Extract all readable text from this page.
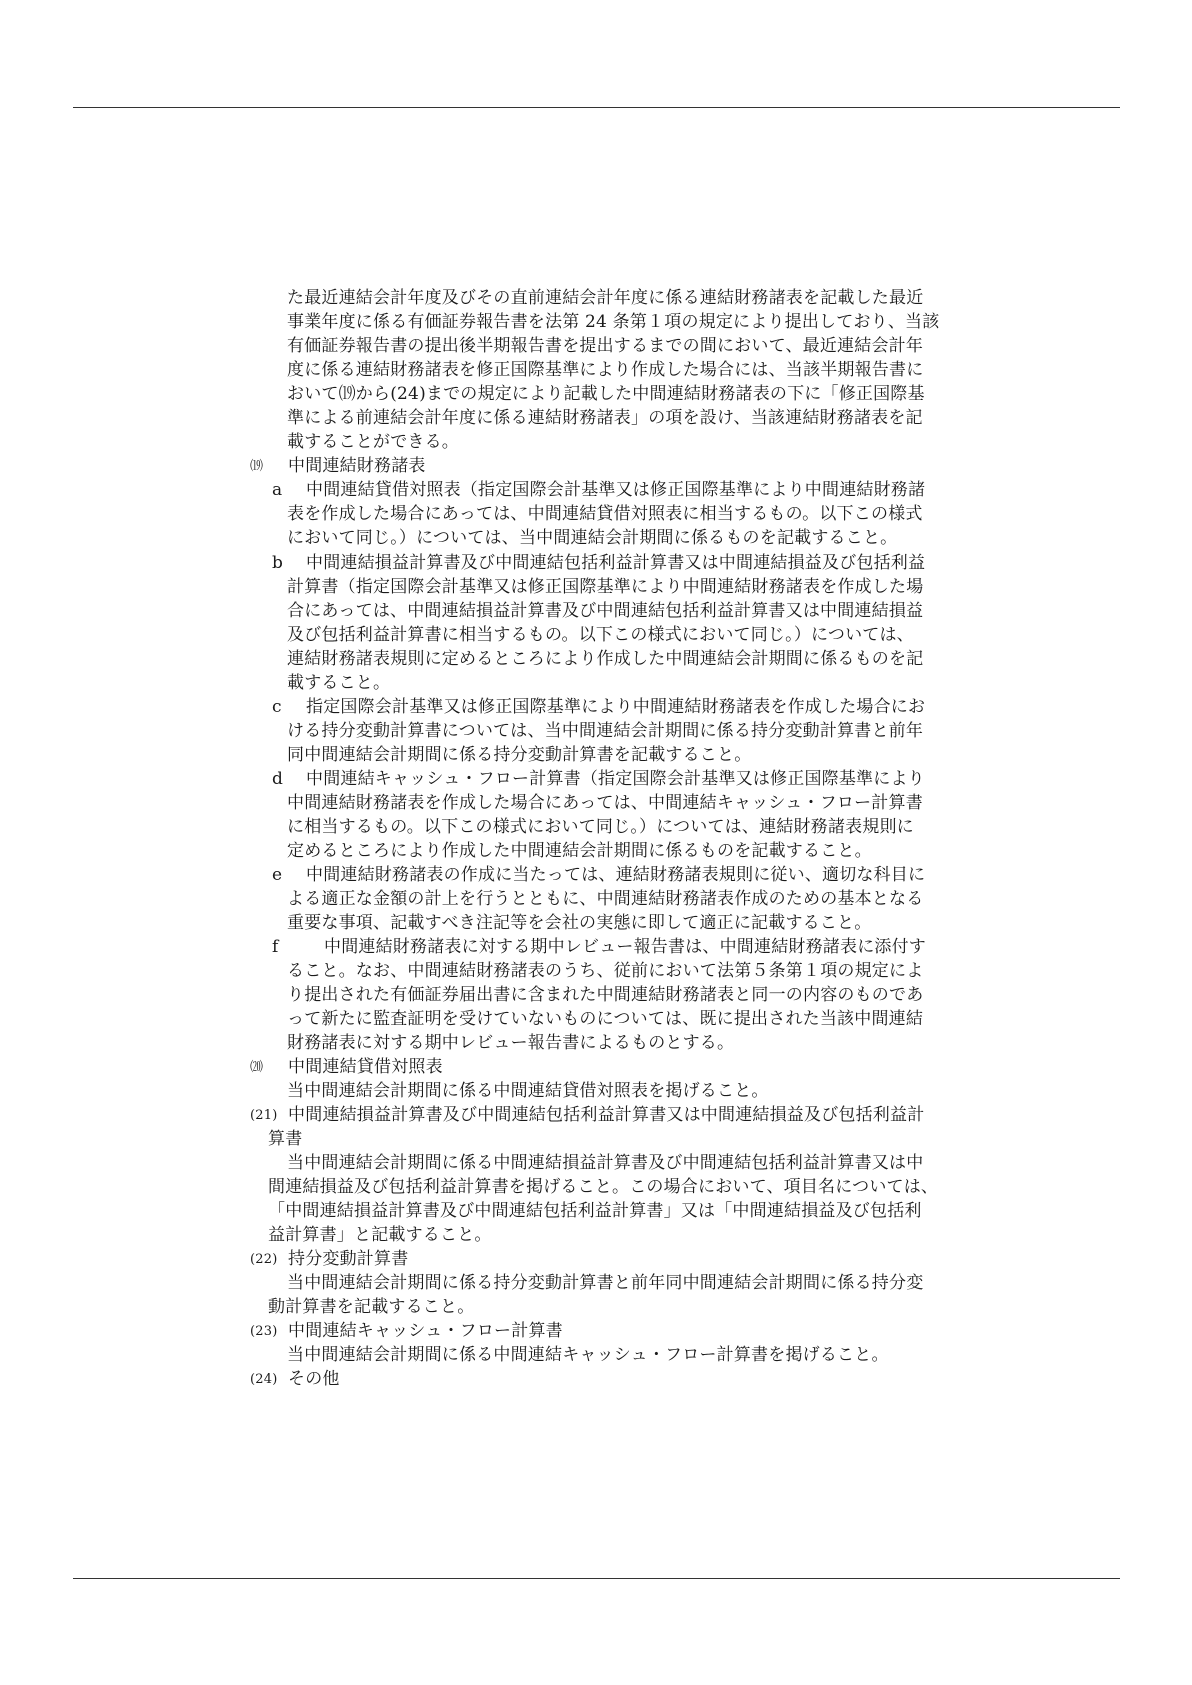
た最近連結会計年度及びその直前連結会計年度に係る連結財務諸表を記載した最近
事業年度に係る有価証券報告書を法第 24 条第１項の規定により提出しており、当該
有価証券報告書の提出後半期報告書を提出するまでの間において、最近連結会計年
度に係る連結財務諸表を修正国際基準により作成した場合には、当該半期報告書に
おいて⒆から(24)までの規定により記載した中間連結財務諸表の下に「修正国際基
準による前連結会計年度に係る連結財務諸表」の項を設け、当該連結財務諸表を記
載することができる。
⒆ 中間連結財務諸表
a 中間連結貸借対照表（指定国際会計基準又は修正国際基準により中間連結財務諸
表を作成した場合にあっては、中間連結貸借対照表に相当するもの。以下この様式
において同じ。）については、当中間連結会計期間に係るものを記載すること。
b 中間連結損益計算書及び中間連結包括利益計算書又は中間連結損益及び包括利益
計算書（指定国際会計基準又は修正国際基準により中間連結財務諸表を作成した場
合にあっては、中間連結損益計算書及び中間連結包括利益計算書又は中間連結損益
及び包括利益計算書に相当するもの。以下この様式において同じ。）については、
連結財務諸表規則に定めるところにより作成した中間連結会計期間に係るものを記
載すること。
c 指定国際会計基準又は修正国際基準により中間連結財務諸表を作成した場合にお
ける持分変動計算書については、当中間連結会計期間に係る持分変動計算書と前年
同中間連結会計期間に係る持分変動計算書を記載すること。
d 中間連結キャッシュ・フロー計算書（指定国際会計基準又は修正国際基準により
中間連結財務諸表を作成した場合にあっては、中間連結キャッシュ・フロー計算書
に相当するもの。以下この様式において同じ。）については、連結財務諸表規則に
定めるところにより作成した中間連結会計期間に係るものを記載すること。
e 中間連結財務諸表の作成に当たっては、連結財務諸表規則に従い、適切な科目に
よる適正な金額の計上を行うとともに、中間連結財務諸表作成のための基本となる
重要な事項、記載すべき注記等を会社の実態に即して適正に記載すること。
f	中間連結財務諸表に対する期中レビュー報告書は、中間連結財務諸表に添付す
ること。なお、中間連結財務諸表のうち、従前において法第５条第１項の規定によ
り提出された有価証券届出書に含まれた中間連結財務諸表と同一の内容のものであ
って新たに監査証明を受けていないものについては、既に提出された当該中間連結
財務諸表に対する期中レビュー報告書によるものとする。
⒇ 中間連結貸借対照表
当中間連結会計期間に係る中間連結貸借対照表を掲げること。
(21) 中間連結損益計算書及び中間連結包括利益計算書又は中間連結損益及び包括利益計
算書
当中間連結会計期間に係る中間連結損益計算書及び中間連結包括利益計算書又は中
間連結損益及び包括利益計算書を掲げること。この場合において、項目名については、
「中間連結損益計算書及び中間連結包括利益計算書」又は「中間連結損益及び包括利
益計算書」と記載すること。
(22) 持分変動計算書
当中間連結会計期間に係る持分変動計算書と前年同中間連結会計期間に係る持分変
動計算書を記載すること。
(23) 中間連結キャッシュ・フロー計算書
当中間連結会計期間に係る中間連結キャッシュ・フロー計算書を掲げること。
(24) その他
